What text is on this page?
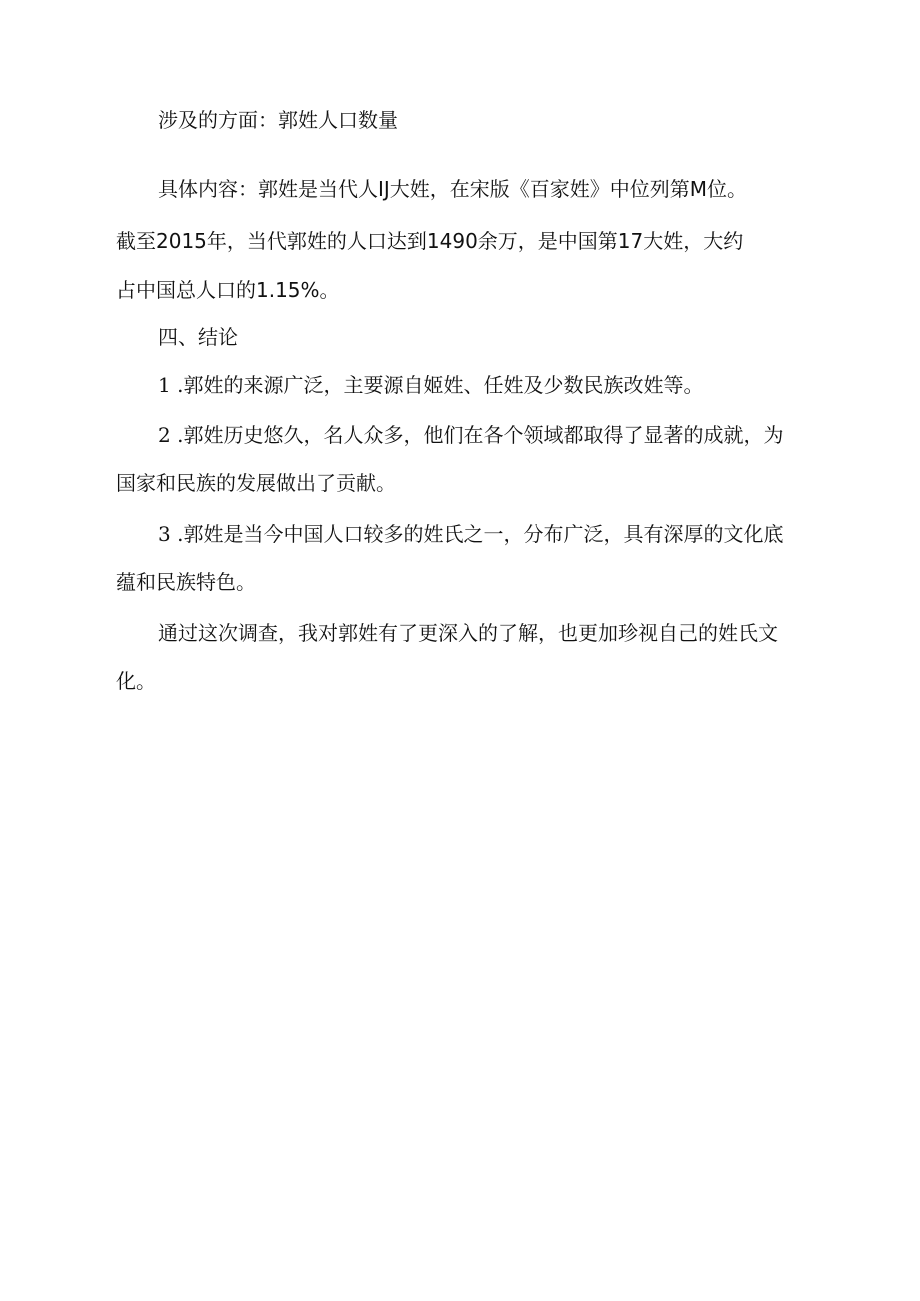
涉及的方面：郭姓人口数量
具体内容：郭姓是当代人IJ大姓，在宋版《百家姓》中位列第M位。
截至2015年，当代郭姓的人口达到1490余万，是中国第17大姓，大约
占中国总人口的1.15%。
四、结论
1 .郭姓的来源广泛，主要源自姬姓、任姓及少数民族改姓等。
2 .郭姓历史悠久，名人众多，他们在各个领域都取得了显著的成就，为
国家和民族的发展做出了贡献。
3 .郭姓是当今中国人口较多的姓氏之一，分布广泛，具有深厚的文化底
蕴和民族特色。
通过这次调查，我对郭姓有了更深入的了解，也更加珍视自己的姓氏文
化。
